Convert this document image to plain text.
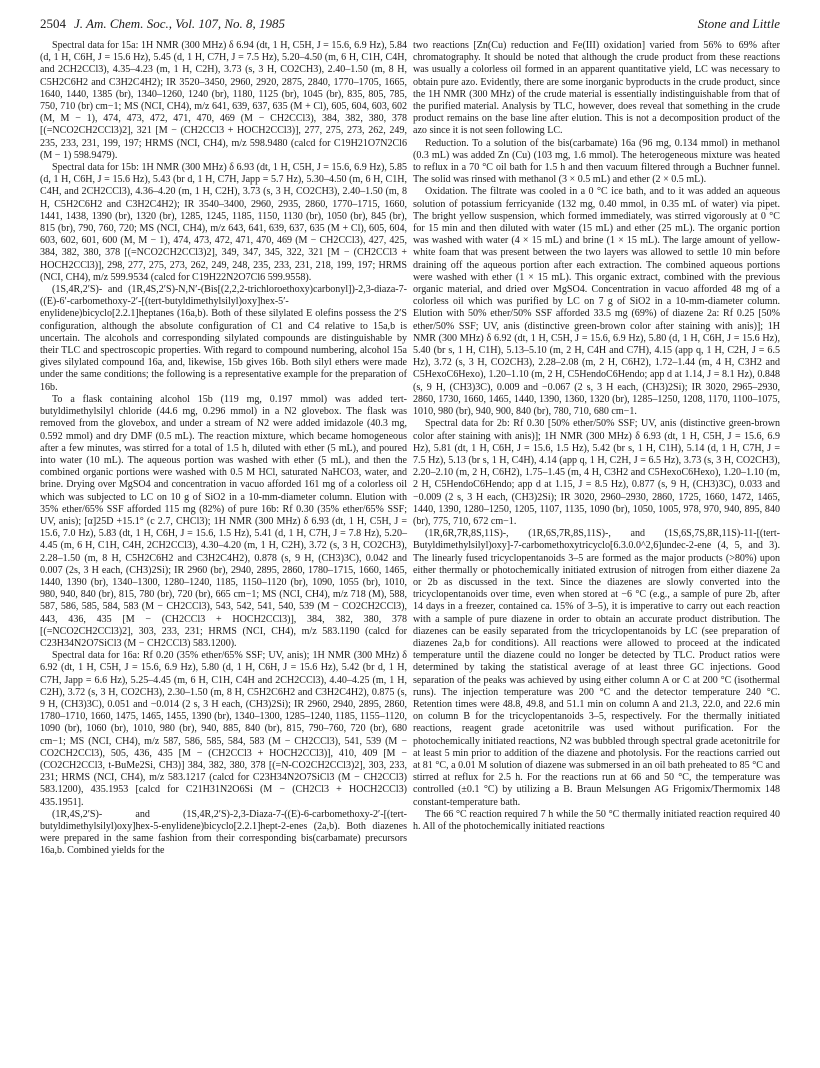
2504 J. Am. Chem. Soc., Vol. 107, No. 8, 1985	Stone and Little

Spectral data for 15a: 1H NMR (300 MHz) δ 6.94 (dt, 1 H, C5H, J = 15.6, 6.9 Hz), 5.84 (d, 1 H, C6H, J = 15.6 Hz), 5.45 (d, 1 H, C7H, J = 7.5 Hz), 5.20–4.50 (m, 6 H, C1H, C4H, and 2CH2CCl3), 4.35–4.23 (m, 1 H, C2H), 3.73 (s, 3 H, CO2CH3), 2.40–1.50 (m, 8 H, C5H2C6H2 and C3H2C4H2); IR 3520–3450, 2960, 2920, 2875, 2840, 1770–1705, 1665, 1640, 1440, 1385 (br), 1340–1260, 1240 (br), 1180, 1125 (br), 1045 (br), 835, 805, 785, 750, 710 (br) cm−1; MS (NCI, CH4), m/z 641, 639, 637, 635 (M + Cl), 605, 604, 603, 602 (M, M − 1), 474, 473, 472, 471, 470, 469 (M − CH2CCl3), 384, 382, 380, 378 [(=NCO2CH2CCl3)2], 321 [M − (CH2CCl3 + HOCH2CCl3)], 277, 275, 273, 262, 249, 235, 233, 231, 199, 197; HRMS (NCI, CH4), m/z 598.9480 (calcd for C19H21O7N2Cl6 (M − 1) 598.9479).

Spectral data for 15b: 1H NMR (300 MHz) δ 6.93 (dt, 1 H, C5H, J = 15.6, 6.9 Hz), 5.85 (d, 1 H, C6H, J = 15.6 Hz), 5.43 (br d, 1 H, C7H, Japp = 5.7 Hz), 5.30–4.50 (m, 6 H, C1H, C4H, and 2CH2CCl3), 4.36–4.20 (m, 1 H, C2H), 3.73 (s, 3 H, CO2CH3), 2.40–1.50 (m, 8 H, C5H2C6H2 and C3H2C4H2); IR 3540–3400, 2960, 2935, 2860, 1770–1715, 1660, 1441, 1438, 1390 (br), 1320 (br), 1285, 1245, 1185, 1150, 1130 (br), 1050 (br), 845 (br), 815 (br), 790, 760, 720; MS (NCI, CH4), m/z 643, 641, 639, 637, 635 (M + Cl), 605, 604, 603, 602, 601, 600 (M, M − 1), 474, 473, 472, 471, 470, 469 (M − CH2CCl3), 427, 425, 384, 382, 380, 378 [(=NCO2CH2CCl3)2], 349, 347, 345, 322, 321 [M − (CH2CCl3 + HOCH2CCl3)], 298, 277, 275, 273, 262, 249, 248, 235, 233, 231, 218, 199, 197; HRMS (NCI, CH4), m/z 599.9534 (calcd for C19H22N2O7Cl6 599.9558).

(1S,4R,2′S)- and (1R,4S,2′S)-N,N′-(Bis[(2,2,2-trichloroethoxy)carbonyl])-2,3-diaza-7-((E)-6′-carbomethoxy-2′-[(tert-butyldimethylsilyl)oxy]hex-5′-enylidene)bicyclo[2.2.1]heptanes (16a,b). Both of these silylated E olefins possess the 2′S configuration, although the absolute configuration of C1 and C4 relative to 15a,b is uncertain. The alcohols and corresponding silylated compounds are distinguishable by their TLC and spectroscopic properties. With regard to compound numbering, alcohol 15a gives silylated compound 16a, and, likewise, 15b gives 16b. Both silyl ethers were made under the same conditions; the following is a representative example for the preparation of 16b.

To a flask containing alcohol 15b (119 mg, 0.197 mmol) was added tert-butyldimethylsilyl chloride (44.6 mg, 0.296 mmol) in a N2 glovebox. The flask was removed from the glovebox, and under a stream of N2 were added imidazole (40.3 mg, 0.592 mmol) and dry DMF (0.5 mL). The reaction mixture, which became homogeneous after a few minutes, was stirred for a total of 1.5 h, diluted with ether (5 mL), and poured into water (10 mL). The aqueous portion was washed with ether (5 mL), and then the combined organic portions were washed with 0.5 M HCl, saturated NaHCO3, water, and brine. Drying over MgSO4 and concentration in vacuo afforded 161 mg of a colorless oil which was subjected to LC on 10 g of SiO2 in a 10-mm-diameter column. Elution with 35% ether/65% SSF afforded 115 mg (82%) of pure 16b: Rf 0.30 (35% ether/65% SSF; UV, anis); [α]25D +15.1° (c 2.7, CHCl3); 1H NMR (300 MHz) δ 6.93 (dt, 1 H, C5H, J = 15.6, 7.0 Hz), 5.83 (dt, 1 H, C6H, J = 15.6, 1.5 Hz), 5.41 (d, 1 H, C7H, J = 7.8 Hz), 5.20–4.45 (m, 6 H, C1H, C4H, 2CH2CCl3), 4.30–4.20 (m, 1 H, C2H), 3.72 (s, 3 H, CO2CH3), 2.28–1.50 (m, 8 H, C5H2C6H2 and C3H2C4H2), 0.878 (s, 9 H, (CH3)3C), 0.042 and 0.007 (2s, 3 H each, (CH3)2Si); IR 2960 (br), 2940, 2895, 2860, 1780–1715, 1660, 1465, 1440, 1390 (br), 1340–1300, 1280–1240, 1185, 1150–1120 (br), 1090, 1055 (br), 1010, 980, 940, 840 (br), 815, 780 (br), 720 (br), 665 cm−1; MS (NCI, CH4), m/z 718 (M), 588, 587, 586, 585, 584, 583 (M − CH2CCl3), 543, 542, 541, 540, 539 (M − CO2CH2CCl3), 443, 436, 435 [M − (CH2CCl3 + HOCH2CCl3)], 384, 382, 380, 378 [(=NCO2CH2CCl3)2], 303, 233, 231; HRMS (NCI, CH4), m/z 583.1190 (calcd for C23H34N2O7SiCl3 (M − CH2CCl3) 583.1200).

Spectral data for 16a: Rf 0.20 (35% ether/65% SSF; UV, anis); 1H NMR (300 MHz) δ 6.92 (dt, 1 H, C5H, J = 15.6, 6.9 Hz), 5.80 (d, 1 H, C6H, J = 15.6 Hz), 5.42 (br d, 1 H, C7H, Japp = 6.6 Hz), 5.25–4.45 (m, 6 H, C1H, C4H and 2CH2CCl3), 4.40–4.25 (m, 1 H, C2H), 3.72 (s, 3 H, CO2CH3), 2.30–1.50 (m, 8 H, C5H2C6H2 and C3H2C4H2), 0.875 (s, 9 H, (CH3)3C), 0.051 and −0.014 (2 s, 3 H each, (CH3)2Si); IR 2960, 2940, 2895, 2860, 1780–1710, 1660, 1475, 1465, 1455, 1390 (br), 1340–1300, 1285–1240, 1185, 1155–1120, 1090 (br), 1060 (br), 1010, 980 (br), 940, 885, 840 (br), 815, 790–760, 720 (br), 680 cm−1; MS (NCI, CH4), m/z 587, 586, 585, 584, 583 (M − CH2CCl3), 541, 539 (M − CO2CH2CCl3), 505, 436, 435 [M − (CH2CCl3 + HOCH2CCl3)], 410, 409 [M − (CO2CH2CCl3, t-BuMe2Si, CH3)] 384, 382, 380, 378 [(=N-CO2CH2CCl3)2], 303, 233, 231; HRMS (NCI, CH4), m/z 583.1217 (calcd for C23H34N2O7SiCl3 (M − CH2CCl3) 583.1200), 435.1953 [calcd for C21H31N2O6Si (M − (CH2Cl3 + HOCH2CCl3) 435.1951].

(1R,4S,2′S)- and (1S,4R,2′S)-2,3-Diaza-7-((E)-6-carbomethoxy-2′-[(tert-butyldimethylsilyl)oxy]hex-5-enylidene)bicyclo[2.2.1]hept-2-enes (2a,b). Both diazenes were prepared in the same fashion from their corresponding bis(carbamate) precursors 16a,b. Combined yields for the

two reactions [Zn(Cu) reduction and Fe(III) oxidation] varied from 56% to 69% after chromatography. It should be noted that although the crude product from these reactions was usually a colorless oil formed in an apparent quantitative yield, LC was necessary to obtain pure azo. Evidently, there are some inorganic byproducts in the crude product, since the 1H NMR (300 MHz) of the crude material is essentially indistinguishable from that of the purified material. Analysis by TLC, however, does reveal that something in the crude product remains on the base line after elution. This is not a decomposition product of the azo since it is not seen following LC.

Reduction. To a solution of the bis(carbamate) 16a (96 mg, 0.134 mmol) in methanol (0.3 mL) was added Zn (Cu) (103 mg, 1.6 mmol). The heterogeneous mixture was heated to reflux in a 70 °C oil bath for 1.5 h and then vacuum filtered through a Buchner funnel. The solid was rinsed with methanol (3 × 0.5 mL) and ether (2 × 0.5 mL).

Oxidation. The filtrate was cooled in a 0 °C ice bath, and to it was added an aqueous solution of potassium ferricyanide (132 mg, 0.40 mmol, in 0.35 mL of water) via pipet. The bright yellow suspension, which formed immediately, was stirred vigorously at 0 °C for 15 min and then diluted with water (15 mL) and ether (25 mL). The organic portion was washed with water (4 × 15 mL) and brine (1 × 15 mL). The large amount of yellow-white foam that was present between the two layers was allowed to settle 10 min before draining off the aqueous portion after each extraction. The combined aqueous portions were washed with ether (1 × 15 mL). This organic extract, combined with the previous organic material, and dried over MgSO4. Concentration in vacuo afforded 48 mg of a colorless oil which was purified by LC on 7 g of SiO2 in a 10-mm-diameter column. Elution with 50% ether/50% SSF afforded 33.5 mg (69%) of diazene 2a: Rf 0.25 [50% ether/50% SSF; UV, anis (distinctive green-brown color after staining with anis)]; 1H NMR (300 MHz) δ 6.92 (dt, 1 H, C5H, J = 15.6, 6.9 Hz), 5.80 (d, 1 H, C6H, J = 15.6 Hz), 5.40 (br s, 1 H, C1H), 5.13–5.10 (m, 2 H, C4H and C7H), 4.15 (app q, 1 H, C2H, J = 6.5 Hz), 3.72 (s, 3 H, CO2CH3), 2.28–2.08 (m, 2 H, C6H2), 1.72–1.44 (m, 4 H, C3H2 and C5HexoC6Hexo), 1.20–1.10 (m, 2 H, C5HendoC6Hendo; app d at 1.14, J = 8.1 Hz), 0.848 (s, 9 H, (CH3)3C), 0.009 and −0.067 (2 s, 3 H each, (CH3)2Si); IR 3020, 2965–2930, 2860, 1730, 1660, 1465, 1440, 1390, 1360, 1320 (br), 1285–1250, 1208, 1170, 1100–1075, 1010, 980 (br), 940, 900, 840 (br), 780, 710, 680 cm−1.

Spectral data for 2b: Rf 0.30 [50% ether/50% SSF; UV, anis (distinctive green-brown color after staining with anis)]; 1H NMR (300 MHz) δ 6.93 (dt, 1 H, C5H, J = 15.6, 6.9 Hz), 5.81 (dt, 1 H, C6H, J = 15.6, 1.5 Hz), 5.42 (br s, 1 H, C1H), 5.14 (d, 1 H, C7H, J = 7.5 Hz), 5.13 (br s, 1 H, C4H), 4.14 (app q, 1 H, C2H, J = 6.5 Hz), 3.73 (s, 3 H, CO2CH3), 2.20–2.10 (m, 2 H, C6H2), 1.75–1.45 (m, 4 H, C3H2 and C5HexoC6Hexo), 1.20–1.10 (m, 2 H, C5HendoC6Hendo; app d at 1.15, J = 8.5 Hz), 0.877 (s, 9 H, (CH3)3C), 0.033 and −0.009 (2 s, 3 H each, (CH3)2Si); IR 3020, 2960–2930, 2860, 1725, 1660, 1472, 1465, 1440, 1390, 1280–1250, 1205, 1107, 1135, 1090 (br), 1050, 1005, 978, 970, 940, 895, 840 (br), 775, 710, 672 cm−1.

(1R,6R,7R,8S,11S)-, (1R,6S,7R,8S,11S)-, and (1S,6S,7S,8R,11S)-11-[(tert-Butyldimethylsilyl)oxy]-7-carbomethoxytricyclo[6.3.0.0^2,6]undec-2-ene (4, 5, and 3). The linearly fused tricyclopentanoids 3–5 are formed as the major products (>80%) upon either thermally or photochemically initiated extrusion of nitrogen from either diazene 2a or 2b as discussed in the text. Since the diazenes are slowly converted into the tricyclopentanoids over time, even when stored at −6 °C (e.g., a sample of pure 2b, after 14 days in a freezer, contained ca. 15% of 3–5), it is imperative to carry out each reaction with a sample of pure diazene in order to obtain an accurate product distribution. The diazenes can be easily separated from the tricyclopentanoids by LC (see preparation of diazenes 2a,b for conditions). All reactions were allowed to proceed at the indicated temperature until the diazene could no longer be detected by TLC. Product ratios were determined by taking the statistical average of at least three GC injections. Good separation of the peaks was achieved by using either column A or C at 200 °C (isothermal runs). The injection temperature was 200 °C and the detector temperature 240 °C. Retention times were 48.8, 49.8, and 51.1 min on column A and 21.3, 22.0, and 22.6 min on column B for the tricyclopentanoids 3–5, respectively. For the thermally initiated reactions, reagent grade acetonitrile was used without purification. For the photochemically initiated reactions, N2 was bubbled through spectral grade acetonitrile for at least 5 min prior to addition of the diazene and photolysis. For the reactions carried out at 81 °C, a 0.01 M solution of diazene was submersed in an oil bath preheated to 85 °C and stirred at reflux for 2.5 h. For the reactions run at 66 and 50 °C, the temperature was controlled (±0.1 °C) by utilizing a B. Braun Melsungen AG Frigomix/Thermomix 148 constant-temperature bath.

The 66 °C reaction required 7 h while the 50 °C thermally initiated reaction required 40 h. All of the photochemically initiated reactions
